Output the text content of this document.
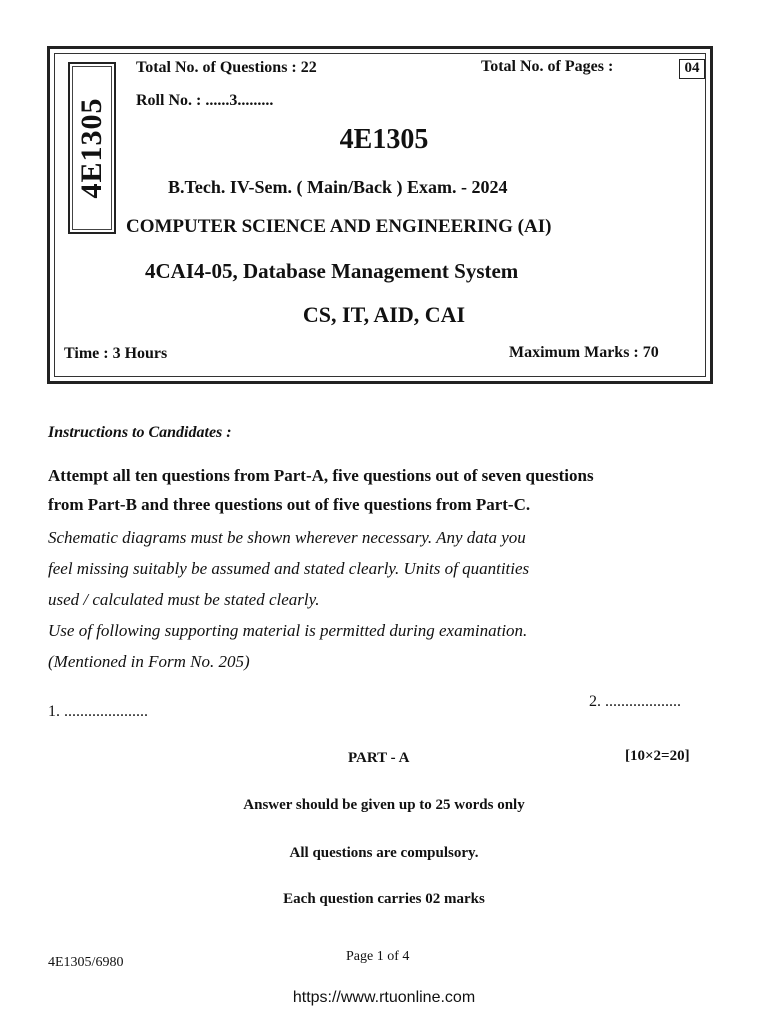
4E1305
Total No. of Questions : 22	Total No. of Pages :	04
Roll No. : ......3.........
4E1305
B.Tech. IV-Sem. ( Main/Back ) Exam. - 2024
COMPUTER SCIENCE AND ENGINEERING (AI)
4CAI4-05, Database Management System
CS, IT, AID, CAI
Time : 3 Hours	Maximum Marks : 70
Instructions to Candidates :
Attempt all ten questions from Part-A, five questions out of seven questions
from Part-B and three questions out of five questions from Part-C.
Schematic diagrams must be shown wherever necessary. Any data you
feel missing suitably be assumed and stated clearly. Units of quantities
used / calculated must be stated clearly.
Use of following supporting material is permitted during examination.
(Mentioned in Form No. 205)
1. .....................
2. ...................
PART - A	[10×2=20]
Answer should be given up to 25 words only
All questions are compulsory.
Each question carries 02 marks
4E1305/6980	Page 1 of 4
https://www.rtuonline.com
